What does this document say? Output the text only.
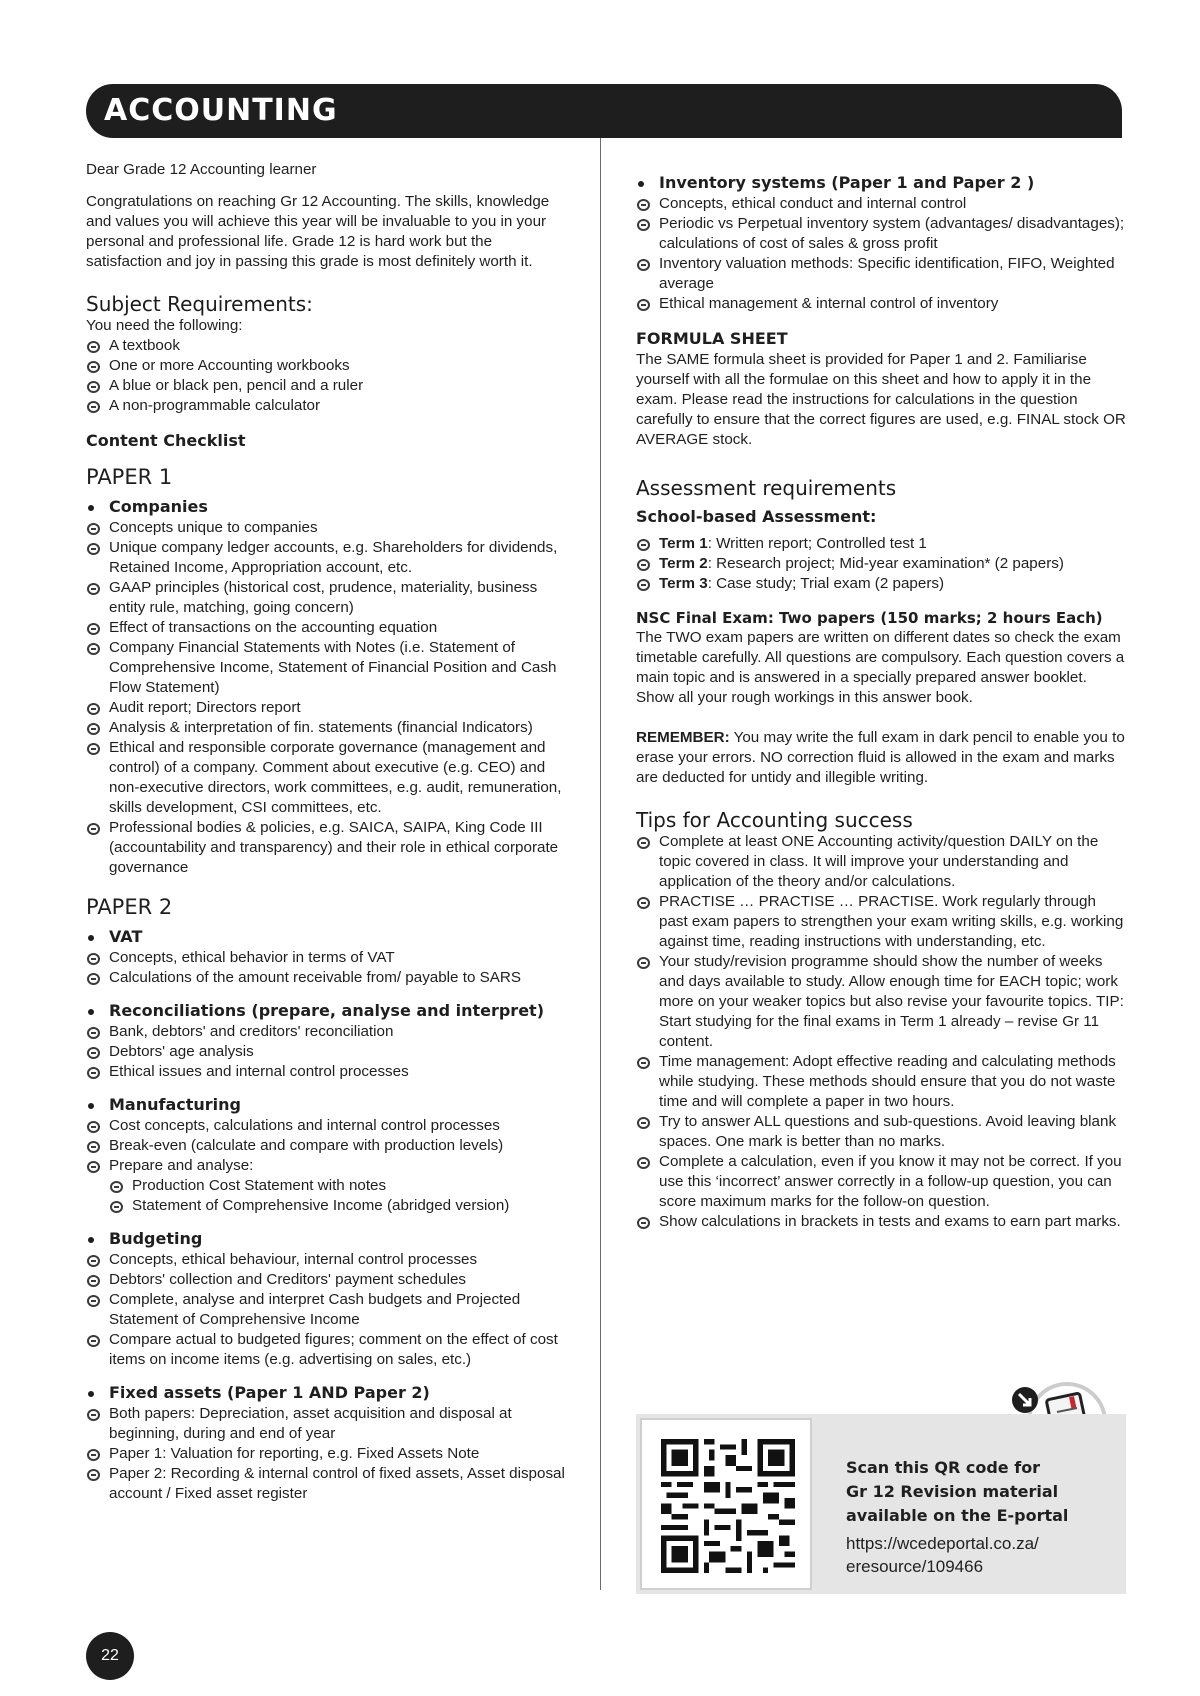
ACCOUNTING

Dear Grade 12 Accounting learner

Congratulations on reaching Gr 12 Accounting. The skills, knowledge and values you will achieve this year will be invaluable to you in your personal and professional life. Grade 12 is hard work but the satisfaction and joy in passing this grade is most definitely worth it.

Subject Requirements:

You need the following:

A textbook
One or more Accounting workbooks
A blue or black pen, pencil and a ruler
A non-programmable calculator
Content Checklist
PAPER 1
Companies
Concepts unique to companies
Unique company ledger accounts, e.g. Shareholders for dividends, Retained Income, Appropriation account, etc.
GAAP principles (historical cost, prudence, materiality, business entity rule, matching, going concern)
Effect of transactions on the accounting equation
Company Financial Statements with Notes (i.e. Statement of Comprehensive Income, Statement of Financial Position and Cash Flow Statement)
Audit report; Directors report
Analysis & interpretation of fin. statements (financial Indicators)
Ethical and responsible corporate governance (management and control) of a company. Comment about executive (e.g. CEO) and non-executive directors, work committees, e.g. audit, remuneration, skills development, CSI committees, etc.
Professional bodies & policies, e.g. SAICA, SAIPA, King Code III (accountability and transparency) and their role in ethical corporate governance
PAPER 2
VAT
Concepts, ethical behavior in terms of VAT
Calculations of the amount receivable from/ payable to SARS
Reconciliations (prepare, analyse and interpret)
Bank, debtors' and creditors' reconciliation
Debtors' age analysis
Ethical issues and internal control processes
Manufacturing
Cost concepts, calculations and internal control processes
Break-even (calculate and compare with production levels)
Prepare and analyse:
Production Cost Statement with notes
Statement of Comprehensive Income (abridged version)
Budgeting
Concepts, ethical behaviour, internal control processes
Debtors' collection and Creditors' payment schedules
Complete, analyse and interpret Cash budgets and Projected Statement of Comprehensive Income
Compare actual to budgeted figures; comment on the effect of cost items on income items (e.g. advertising on sales, etc.)
Fixed assets (Paper 1 AND Paper 2)
Both papers: Depreciation, asset acquisition and disposal at beginning, during and end of year
Paper 1: Valuation for reporting, e.g. Fixed Assets Note
Paper 2: Recording & internal control of fixed assets, Asset disposal account / Fixed asset register
Inventory systems (Paper 1 and Paper 2 )
Concepts, ethical conduct and internal control
Periodic vs Perpetual inventory system (advantages/ disadvantages); calculations of cost of sales & gross profit
Inventory valuation methods: Specific identification, FIFO, Weighted average
Ethical management & internal control of inventory
FORMULA SHEET

The SAME formula sheet is provided for Paper 1 and 2. Familiarise yourself with all the formulae on this sheet and how to apply it in the exam. Please read the instructions for calculations in the question carefully to ensure that the correct figures are used, e.g. FINAL stock OR AVERAGE stock.

Assessment requirements
School-based Assessment:
Term 1: Written report; Controlled test 1
Term 2: Research project; Mid-year examination* (2 papers)
Term 3: Case study; Trial exam (2 papers)
NSC Final Exam: Two papers (150 marks; 2 hours Each)

The TWO exam papers are written on different dates so check the exam timetable carefully. All questions are compulsory. Each question covers a main topic and is answered in a specially prepared answer booklet. Show all your rough workings in this answer book.

REMEMBER: You may write the full exam in dark pencil to enable you to erase your errors. NO correction fluid is allowed in the exam and marks are deducted for untidy and illegible writing.

Tips for Accounting success
Complete at least ONE Accounting activity/question DAILY on the topic covered in class. It will improve your understanding and application of the theory and/or calculations.
PRACTISE … PRACTISE … PRACTISE. Work regularly through past exam papers to strengthen your exam writing skills, e.g. working against time, reading instructions with understanding, etc.
Your study/revision programme should show the number of weeks and days available to study. Allow enough time for EACH topic; work more on your weaker topics but also revise your favourite topics. TIP: Start studying for the final exams in Term 1 already – revise Gr 11 content.
Time management: Adopt effective reading and calculating methods while studying. These methods should ensure that you do not waste time and will complete a paper in two hours.
Try to answer ALL questions and sub-questions. Avoid leaving blank spaces. One mark is better than no marks.
Complete a calculation, even if you know it may not be correct. If you use this ‘incorrect’ answer correctly in a follow-up question, you can score maximum marks for the follow-on question.
Show calculations in brackets in tests and exams to earn part marks.
Scan this QR code for
Gr 12 Revision material
available on the E-portal
https://wcedeportal.co.za/
eresource/109466
22
